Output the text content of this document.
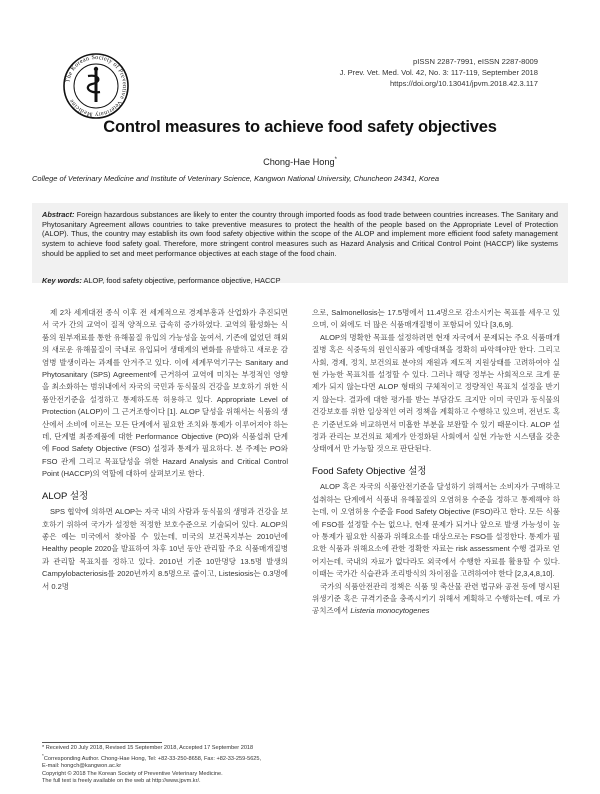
The Korean Society of Preventive Veterinary Medicine
pISSN 2287-7991, eISSN 2287-8009
J. Prev. Vet. Med. Vol. 42, No. 3: 117-119, September 2018
https://doi.org/10.13041/jpvm.2018.42.3.117
Control measures to achieve food safety objectives
Chong-Hae Hong*
College of Veterinary Medicine and Institute of Veterinary Science, Kangwon National University, Chuncheon 24341, Korea
Abstract: Foreign hazardous substances are likely to enter the country through imported foods as food trade between countries increases. The Sanitary and Phytosanitary Agreement allows countries to take preventive measures to protect the health of the people based on the Appropriate Level of Protection (ALOP). Thus, the country may establish its own food safety objective within the scope of the ALOP and implement more efficient food safety management system to achieve food safety goal. Therefore, more stringent control measures such as Hazard Analysis and Critical Control Point (HACCP) like systems should be applied to set and meet performance objectives at each stage of the food chain.
Key words: ALOP, food safety objective, performance objective, HACCP

제 2차 세계대전 종식 이후 전 세계적으로 경제부흥과 산업화가 추진되면서 국가 간의 교역이 질적 양적으로 급속히 증가하였다. 교역의 활성화는 식품의 원부재료를 통한 유해물질 유입의 가능성을 높여서, 기존에 없었던 해외의 새로운 유해물질이 국내로 유입되어 생태계의 변화를 유발하고 새로운 감염병 발생이라는 과제를 안겨주고 있다. 이에 세계무역기구는 Sanitary and Phytosanitary (SPS) Agreement에 근거하여 교역에 미치는 부정적인 영향을 최소화하는 범위내에서 자국의 국민과 동식물의 건강을 보호하기 위한 식품안전기준을 설정하고 통제하도록 허용하고 있다. Appropriate Level of Protection (ALOP)이 그 근거조항이다 [1]. ALOP 달성을 위해서는 식품의 생산에서 소비에 이르는 모든 단계에서 필요한 조치와 통제가 이루어져야 하는데, 단계별 최종제품에 대한 Performance Objective (PO)와 식품섭취 단계에 Food Safety Objective (FSO) 설정과 통제가 필요하다. 본 주제는 PO와 FSO 관계 그리고 목표달성을 위한 Hazard Analysis and Critical Control Point (HACCP)의 역할에 대하여 살펴보기로 한다.

ALOP 설정

SPS 협약에 의하면 ALOP는 자국 내의 사람과 동식물의 생명과 건강을 보호하기 위하여 국가가 설정한 적정한 보호수준으로 기술되어 있다. ALOP의 좋은 예는 미국에서 찾아볼 수 있는데, 미국의 보건복지부는 2010년에 Healthy people 2020을 발표하여 차후 10년 동안 관리할 주요 식품매개질병과 관리할 목표치를 정하고 있다. 2010년 기준 10만명당 13.5명 발생의 Campylobacteriosis를 2020년까지 8.5명으로 줄이고, Listesiosis는 0.3명에서 0.2명

으로, Salmonellosis는 17.5명에서 11.4명으로 감소시키는 목표를 세우고 있으며, 이 외에도 더 많은 식품매개질병이 포함되어 있다 [3,6,9].

ALOP의 명확한 목표를 설정하려면 현재 자국에서 문제되는 주요 식품매개질병 혹은 식중독의 원인식품과 예방대책을 정확히 파악해야만 한다. 그리고 사회, 경제, 정치, 보건의료 분야의 재원과 제도적 지원상태를 고려하여야 실현 가능한 목표치를 설정할 수 있다. 그러나 해당 정부는 사회적으로 크게 문제가 되지 않는다면 ALOP 형태의 구체적이고 정량적인 목표치 설정을 반기지 않는다. 결과에 대한 평가를 받는 부담감도 크지만 이미 국민과 동식물의 건강보호를 위한 일상적인 여러 정책을 계획하고 수행하고 있으며, 전년도 혹은 기준년도와 비교하면서 미흡한 부분을 보완할 수 있기 때문이다. ALOP 설정과 관리는 보건의료 체계가 안정화된 사회에서 실현 가능한 시스템을 갖춘 상태에서 만 가능할 것으로 판단된다.

Food Safety Objective 설정

ALOP 혹은 자국의 식품안전기준을 달성하기 위해서는 소비자가 구매하고 섭취하는 단계에서 식품내 유해물질의 오염허용 수준을 정하고 통제해야 하는데, 이 오염허용 수준을 Food Safety Objective (FSO)라고 한다. 모든 식품에 FSO를 설정할 수는 없으나, 현재 문제가 되거나 앞으로 발생 가능성이 높아 통제가 필요한 식품과 위해요소를 대상으로는 FSO를 설정한다. 통제가 필요한 식품과 위해요소에 관한 정확한 자료는 risk assessment 수행 결과로 얻어지는데, 국내의 자료가 없다라도 외국에서 수행한 자료를 활용할 수 있다. 이때는 국가간 식습관과 조리방식의 차이점을 고려하여야 한다 [2,3,4,8,10].

국가의 식품안전관리 정책은 식품 및 축산물 관련 법규와 공전 등에 명시된 위생기준 혹은 규격기준을 충족시키기 위해서 계획하고 수행하는데, 예로 가공치즈에서 Listeria monocytogenes

* Received 20 July 2018, Revised 15 September 2018, Accepted 17 September 2018

*Corresponding Author. Chong-Hae Hong, Tel: +82-33-250-8658, Fax: +82-33-259-5625,

E-mail: hongch@kangwon.ac.kr

Copyright © 2018 The Korean Society of Preventive Veterinary Medicine.

The full text is freely available on the web at http://www.jpvm.kr/.
